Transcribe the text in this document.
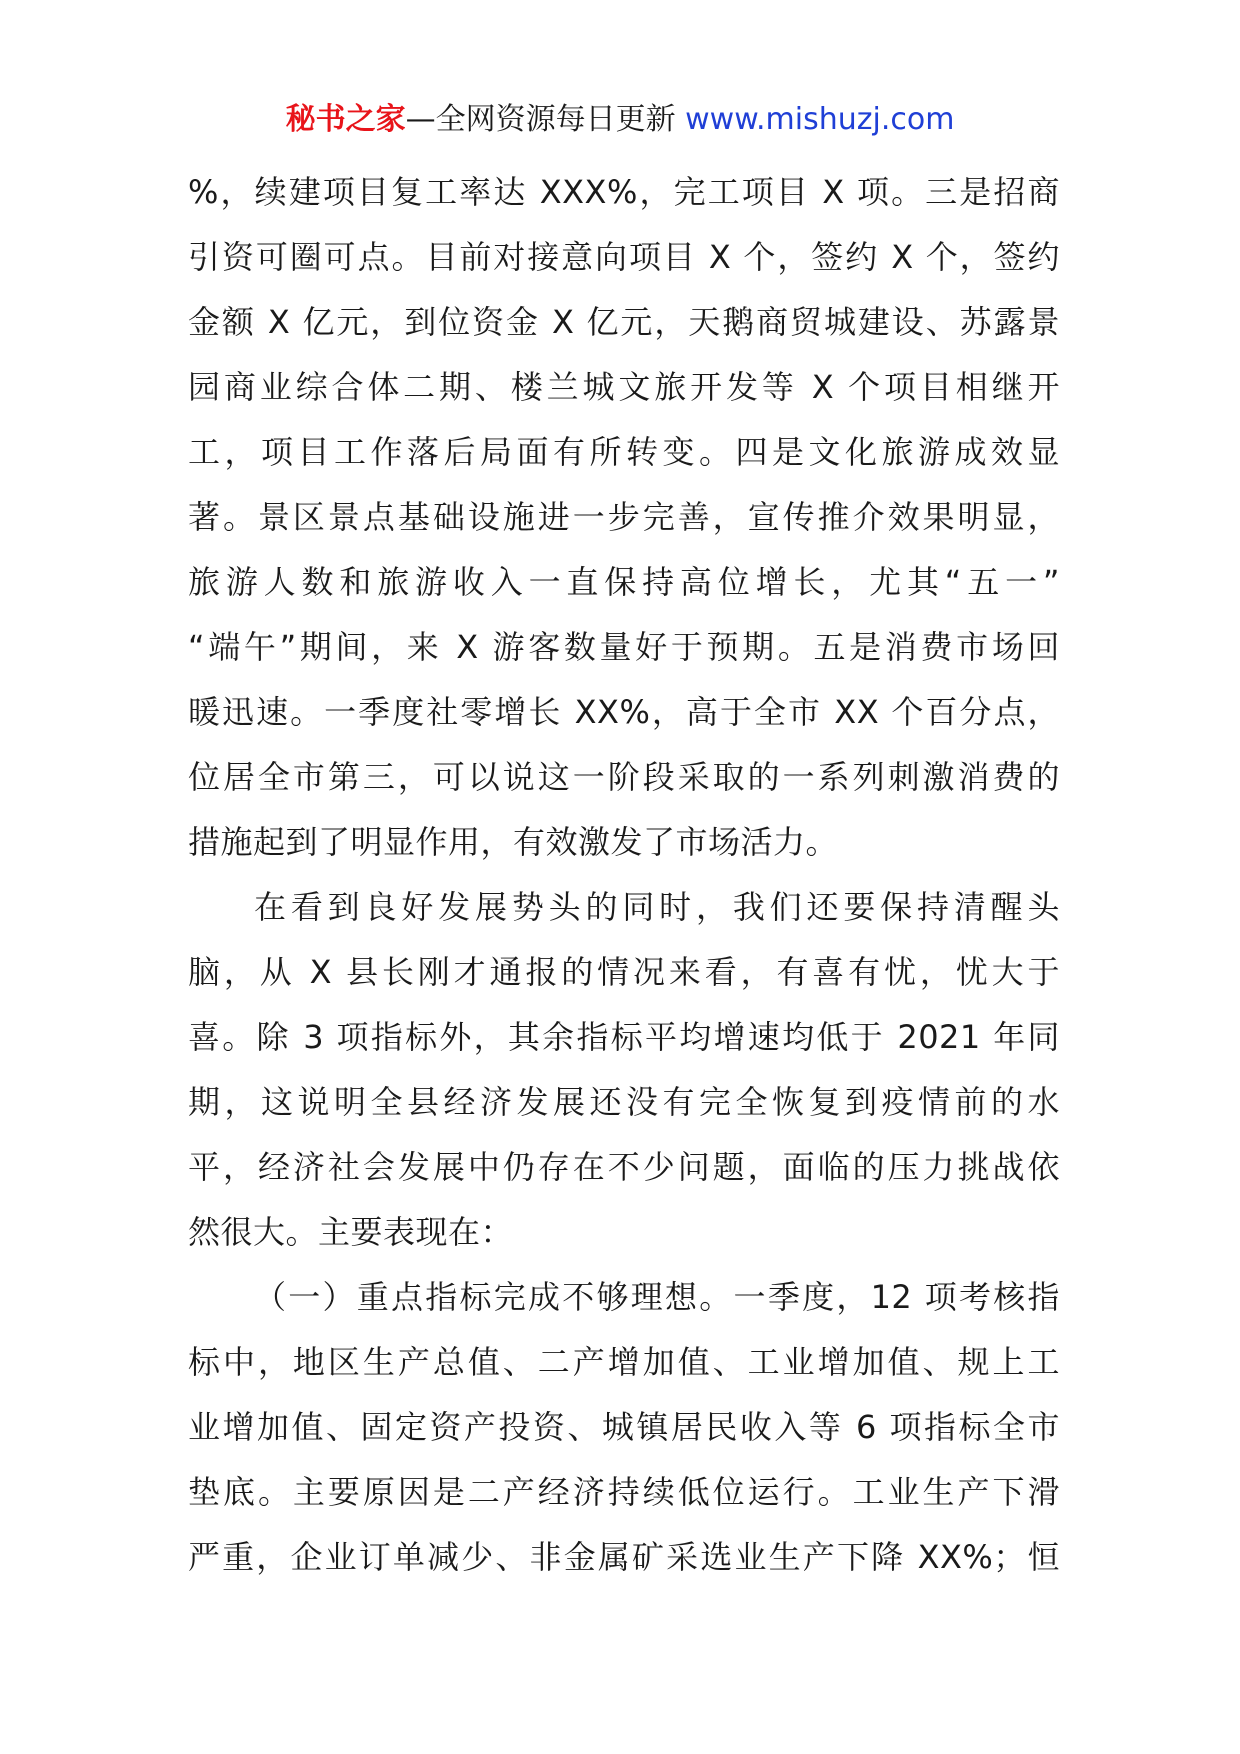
秘书之家—全网资源每日更新 www.mishuzj.com
%，续建项目复工率达 XXX%，完工项目 X 项。三是招商
引资可圈可点。目前对接意向项目 X 个，签约 X 个，签约
金额 X 亿元，到位资金 X 亿元，天鹅商贸城建设、苏露景
园商业综合体二期、楼兰城文旅开发等 X 个项目相继开
工，项目工作落后局面有所转变。四是文化旅游成效显
著。景区景点基础设施进一步完善，宣传推介效果明显，
旅游人数和旅游收入一直保持高位增长，尤其“五一”
“端午”期间，来 X 游客数量好于预期。五是消费市场回
暖迅速。一季度社零增长 XX%，高于全市 XX 个百分点，
位居全市第三，可以说这一阶段采取的一系列刺激消费的
措施起到了明显作用，有效激发了市场活力。
在看到良好发展势头的同时，我们还要保持清醒头
脑，从 X 县长刚才通报的情况来看，有喜有忧，忧大于
喜。除 3 项指标外，其余指标平均增速均低于 2021 年同
期，这说明全县经济发展还没有完全恢复到疫情前的水
平，经济社会发展中仍存在不少问题，面临的压力挑战依
然很大。主要表现在：
（一）重点指标完成不够理想。一季度，12 项考核指
标中，地区生产总值、二产增加值、工业增加值、规上工
业增加值、固定资产投资、城镇居民收入等 6 项指标全市
垫底。主要原因是二产经济持续低位运行。工业生产下滑
严重，企业订单减少、非金属矿采选业生产下降 XX%；恒
